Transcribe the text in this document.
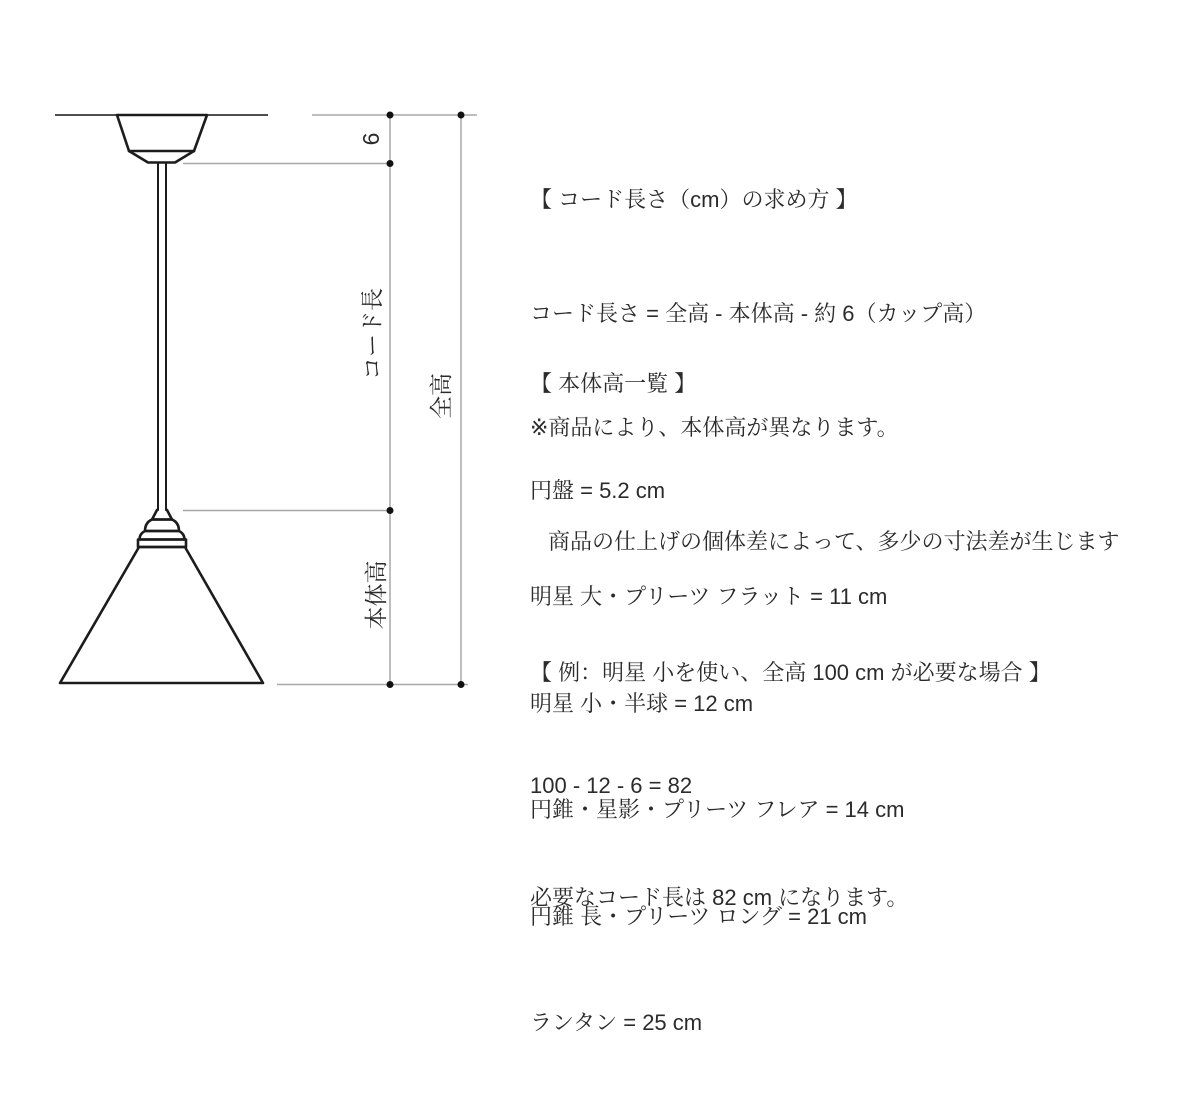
6
コード長
全高
本体高

【 コード長さ（cm）の求め方 】

コード長さ = 全高 - 本体高 - 約 6（カップ高）

※商品により、本体高が異なります。

商品の仕上げの個体差によって、多少の寸法差が生じます

【 本体高一覧 】

円盤 = 5.2 cm

明星 大・プリーツ フラット = 11 cm

明星 小・半球 = 12 cm

円錐・星影・プリーツ フレア = 14 cm

円錐 長・プリーツ ロング = 21 cm

ランタン = 25 cm

【 例：明星 小を使い、全高 100 cm が必要な場合 】

100 - 12 - 6 = 82

必要なコード長は 82 cm になります。
